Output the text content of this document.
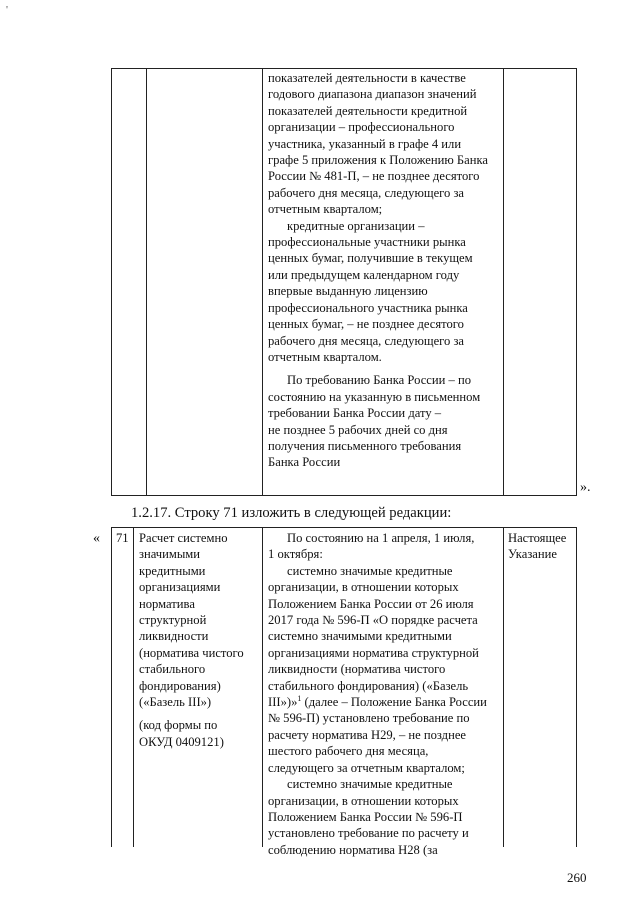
'

показателей деятельности в качестве

годового диапазона диапазон значений

показателей деятельности кредитной

организации – профессионального

участника, указанный в графе 4 или

графе 5 приложения к Положению Банка

России № 481-П, – не позднее десятого

рабочего дня месяца, следующего за

отчетным кварталом;

кредитные организации –

профессиональные участники рынка

ценных бумаг, получившие в текущем

или предыдущем календарном году

впервые выданную лицензию

профессионального участника рынка

ценных бумаг, – не позднее десятого

рабочего дня месяца, следующего за

отчетным кварталом.

По требованию Банка России – по

состоянию на указанную в письменном

требовании Банка России дату –

не позднее 5 рабочих дней со дня

получения письменного требования

Банка России

».
1.2.17. Строку 71 изложить в следующей редакции:
« 71 Расчет системно

значимыми

кредитными

организациями

норматива

структурной

ликвидности

(норматива чистого

стабильного

фондирования)

(«Базель III»)

(код формы по

ОКУД 0409121)

По состоянию на 1 апреля, 1 июля,

1 октября:

системно значимые кредитные

организации, в отношении которых

Положением Банка России от 26 июля

2017 года № 596-П «О порядке расчета

системно значимыми кредитными

организациями норматива структурной

ликвидности (норматива чистого

стабильного фондирования) («Базель

III»)»$^1$ (далее – Положение Банка России

№ 596-П) установлено требование по

расчету норматива Н29, – не позднее

шестого рабочего дня месяца,

следующего за отчетным кварталом;

системно значимые кредитные

организации, в отношении которых

Положением Банка России № 596-П

установлено требование по расчету и

соблюдению норматива Н28 (за

Настоящее

Указание

260
